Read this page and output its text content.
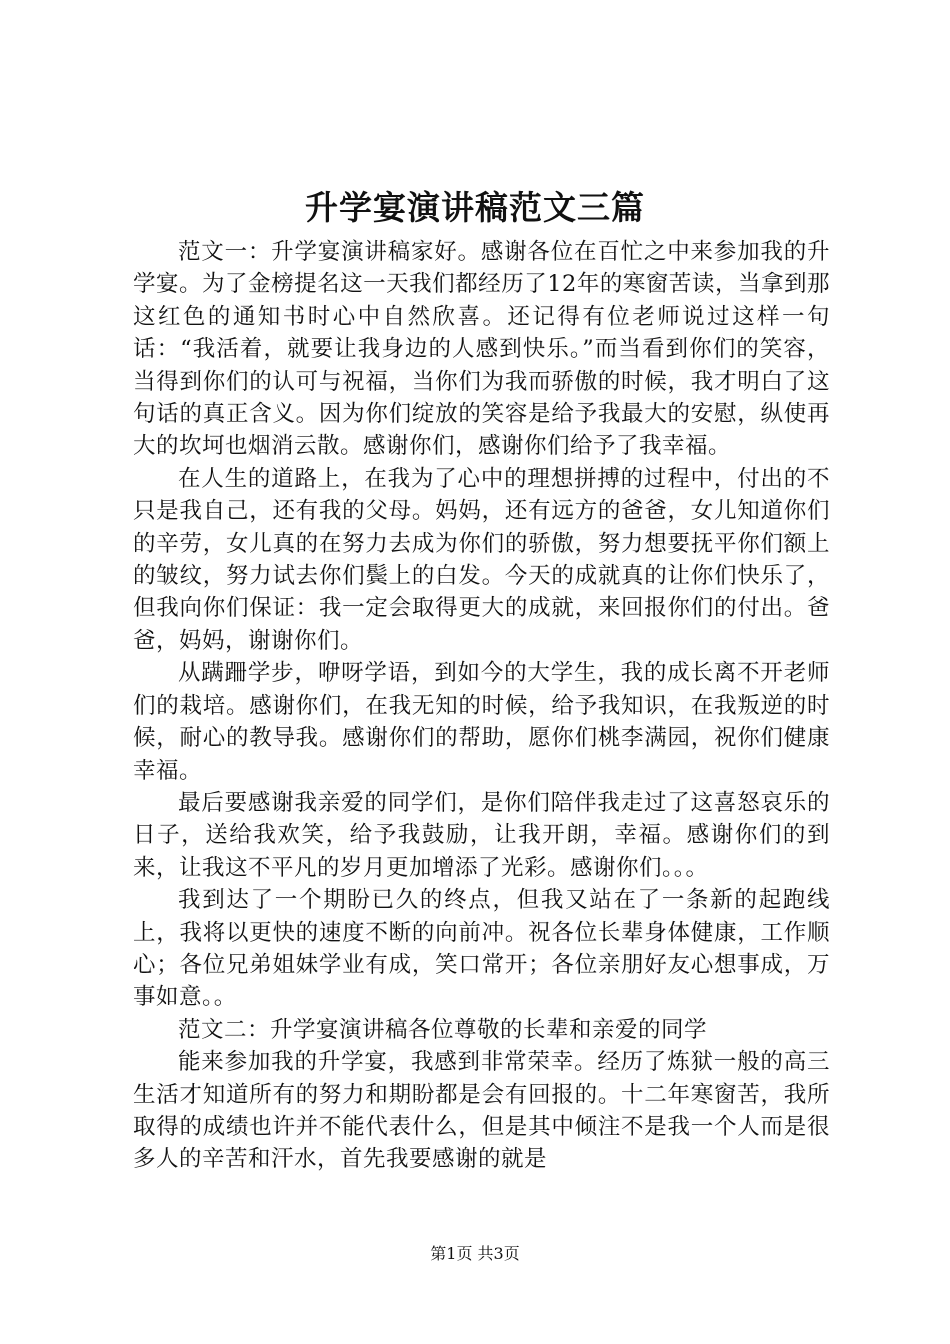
升学宴演讲稿范文三篇

范文一：升学宴演讲稿家好。感谢各位在百忙之中来参加我的升学宴。为了金榜提名这一天我们都经历了12年的寒窗苦读，当拿到那这红色的通知书时心中自然欣喜。还记得有位老师说过这样一句话：“我活着，就要让我身边的人感到快乐。”而当看到你们的笑容，当得到你们的认可与祝福，当你们为我而骄傲的时候，我才明白了这句话的真正含义。因为你们绽放的笑容是给予我最大的安慰，纵使再大的坎坷也烟消云散。感谢你们，感谢你们给予了我幸福。

在人生的道路上，在我为了心中的理想拼搏的过程中，付出的不只是我自己，还有我的父母。妈妈，还有远方的爸爸，女儿知道你们的辛劳，女儿真的在努力去成为你们的骄傲，努力想要抚平你们额上的皱纹，努力试去你们鬓上的白发。今天的成就真的让你们快乐了，但我向你们保证：我一定会取得更大的成就，来回报你们的付出。爸爸，妈妈，谢谢你们。

从蹒跚学步，咿呀学语，到如今的大学生，我的成长离不开老师们的栽培。感谢你们，在我无知的时候，给予我知识，在我叛逆的时候，耐心的教导我。感谢你们的帮助，愿你们桃李满园，祝你们健康幸福。

最后要感谢我亲爱的同学们，是你们陪伴我走过了这喜怒哀乐的日子，送给我欢笑，给予我鼓励，让我开朗，幸福。感谢你们的到来，让我这不平凡的岁月更加增添了光彩。感谢你们。。。

我到达了一个期盼已久的终点，但我又站在了一条新的起跑线上，我将以更快的速度不断的向前冲。祝各位长辈身体健康，工作顺心；各位兄弟姐妹学业有成，笑口常开；各位亲朋好友心想事成，万事如意。。

范文二：升学宴演讲稿各位尊敬的长辈和亲爱的同学

能来参加我的升学宴，我感到非常荣幸。经历了炼狱一般的高三生活才知道所有的努力和期盼都是会有回报的。十二年寒窗苦，我所取得的成绩也许并不能代表什么，但是其中倾注不是我一个人而是很多人的辛苦和汗水，首先我要感谢的就是

第1页 共3页
